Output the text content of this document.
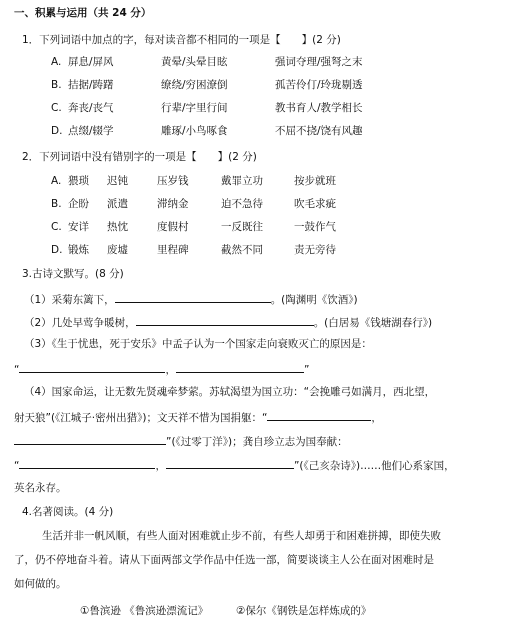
一、积累与运用（共 24 分）
1．下列词语中加点的字，每对读音都不相同的一项是【　　】(2 分)
A. 屏息/屏风	黄晕/头晕目眩	强词夺理/强弩之末
B. 拮据/踌躇	缭绕/穷困潦倒	孤苦伶仃/玲珑剔透
C. 奔丧/丧气	行辈/字里行间	教书育人/教学相长
D. 点缀/辍学	雕琢/小鸟啄食	不屈不挠/饶有风趣
2．下列词语中没有错别字的一项是【　　】(2 分)
A. 猥琐 迟钝	压岁钱	戴罪立功	按步就班
B. 企盼 派遣	滞纳金	迫不急待	吹毛求疵
C. 安详 热忱	度假村	一反既往	一鼓作气
D. 锻炼 废墟	里程碑	截然不同	责无旁待
3.古诗文默写。(8 分)
（1）采菊东篱下，	。(陶渊明《饮酒》)
（2）几处早莺争暖树，	。(白居易《钱塘湖春行》)
（3）《生于忧患，死于安乐》中孟子认为一个国家走向衰败灭亡的原因是：
“	，	”
（4）国家命运，让无数先贤魂牵梦萦。苏轼渴望为国立功：“会挽雕弓如满月，西北望，
射天狼”(《江城子·密州出猎》)；文天祥不惜为国捐躯：“	，
”(《过零丁洋》)；龚自珍立志为国奉献：
“	，	”(《己亥杂诗》)……他们心系家国，
英名永存。
4.名著阅读。(4 分)
生活并非一帆风顺，有些人面对困难就止步不前，有些人却勇于和困难拼搏，即使失败
了，仍不停地奋斗着。请从下面两部文学作品中任选一部，简要谈谈主人公在面对困难时是
如何做的。
①鲁滨逊 《鲁滨逊漂流记》	②保尔《钢铁是怎样炼成的》
